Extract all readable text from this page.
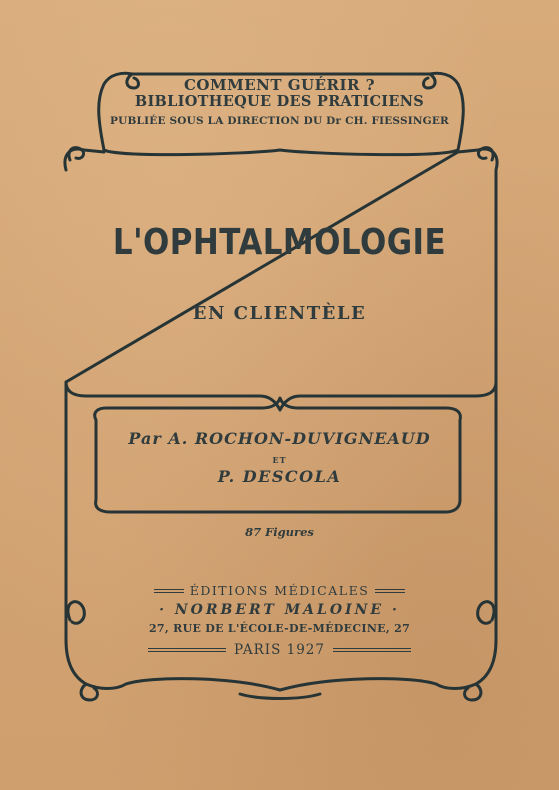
COMMENT GUÉRIR ?
BIBLIOTHEQUE DES PRATICIENS
PUBLIÉE SOUS LA DIRECTION DU Dr CH. FIESSINGER
L'OPHTALMOLOGIE
EN CLIENTÈLE
Par A. ROCHON-DUVIGNEAUD
ET
P. DESCOLA
87 Figures
ÉDITIONS MÉDICALES
· NORBERT MALOINE ·
27, RUE DE L'ÉCOLE-DE-MÉDECINE, 27
PARIS 1927
